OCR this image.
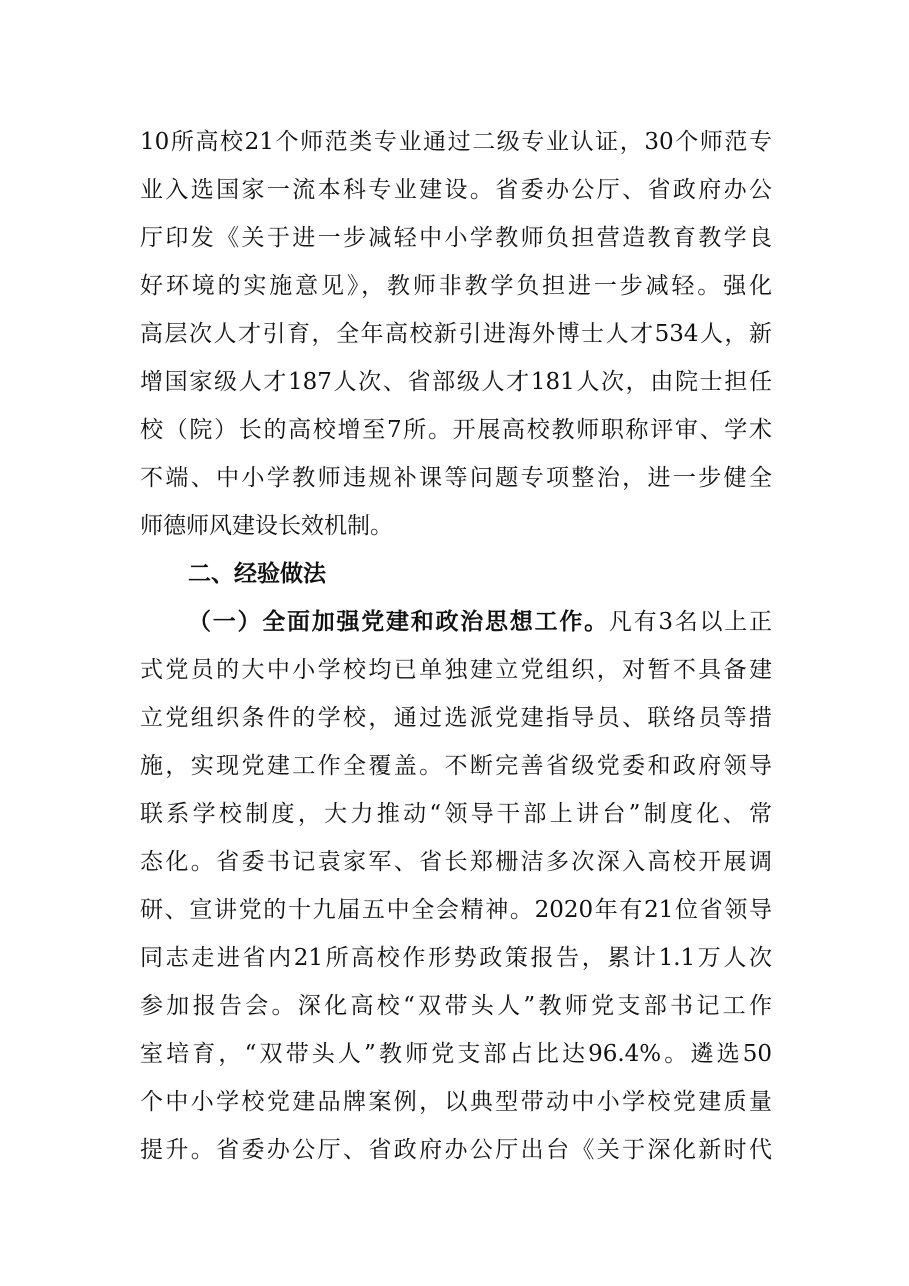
10所高校21个师范类专业通过二级专业认证，30个师范专
业入选国家一流本科专业建设。省委办公厅、省政府办公
厅印发《关于进一步减轻中小学教师负担营造教育教学良
好环境的实施意见》，教师非教学负担进一步减轻。强化
高层次人才引育，全年高校新引进海外博士人才534人，新
增国家级人才187人次、省部级人才181人次，由院士担任
校（院）长的高校增至7所。开展高校教师职称评审、学术
不端、中小学教师违规补课等问题专项整治，进一步健全
师德师风建设长效机制。
二、经验做法
（一）全面加强党建和政治思想工作。凡有3名以上正
式党员的大中小学校均已单独建立党组织，对暂不具备建
立党组织条件的学校，通过选派党建指导员、联络员等措
施，实现党建工作全覆盖。不断完善省级党委和政府领导
联系学校制度，大力推动“领导干部上讲台”制度化、常
态化。省委书记袁家军、省长郑栅洁多次深入高校开展调
研、宣讲党的十九届五中全会精神。2020年有21位省领导
同志走进省内21所高校作形势政策报告，累计1.1万人次
参加报告会。深化高校“双带头人”教师党支部书记工作
室培育，“双带头人”教师党支部占比达96.4%。遴选50
个中小学校党建品牌案例，以典型带动中小学校党建质量
提升。省委办公厅、省政府办公厅出台《关于深化新时代
